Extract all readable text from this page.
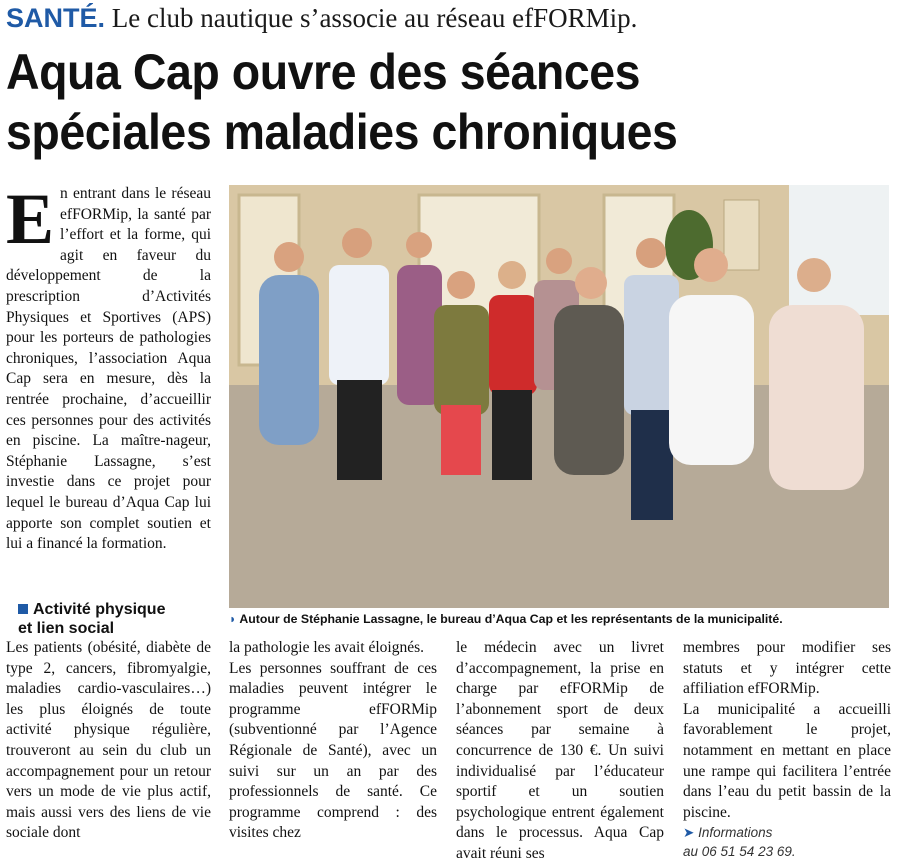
SANTÉ. Le club nautique s’associe au réseau efFORMip.
Aqua Cap ouvre des séances
spéciales maladies chroniques
E n entrant dans le réseau efFORMip, la santé par l’effort et la forme, qui agit en faveur du développement de la prescription d’Activités Physiques et Sportives (APS) pour les porteurs de pathologies chroniques, l’association Aqua Cap sera en mesure, dès la rentrée prochaine, d’accueillir ces personnes pour des activités en piscine. La maître-nageur, Stéphanie Lassagne, s’est investie dans ce projet pour lequel le bureau d’Aqua Cap lui apporte son complet soutien et lui a financé la formation.
◗ Autour de Stéphanie Lassagne, le bureau d’Aqua Cap et les représentants de la municipalité.
Activité physique
et lien social
Les patients (obésité, diabète de type 2, cancers, fibromyalgie, maladies cardio-vasculaires…) les plus éloignés de toute activité physique régulière, trouveront au sein du club un accompagnement pour un retour vers un mode de vie plus actif, mais aussi vers des liens de vie sociale dont
la pathologie les avait éloignés.
Les personnes souffrant de ces maladies peuvent intégrer le programme efFORMip (subventionné par l’Agence Régionale de Santé), avec un suivi sur un an par des professionnels de santé. Ce programme comprend : des visites chez
le médecin avec un livret d’accompagnement, la prise en charge par efFORMip de l’abonnement sport de deux séances par semaine à concurrence de 130 €. Un suivi individualisé par l’éducateur sportif et un soutien psychologique entrent également dans le processus. Aqua Cap avait réuni ses
membres pour modifier ses statuts et y intégrer cette affiliation efFORMip.
La municipalité a accueilli favorablement le projet, notamment en mettant en place une rampe qui facilitera l’entrée dans l’eau du petit bassin de la piscine.
➤ Informations
au 06 51 54 23 69.
